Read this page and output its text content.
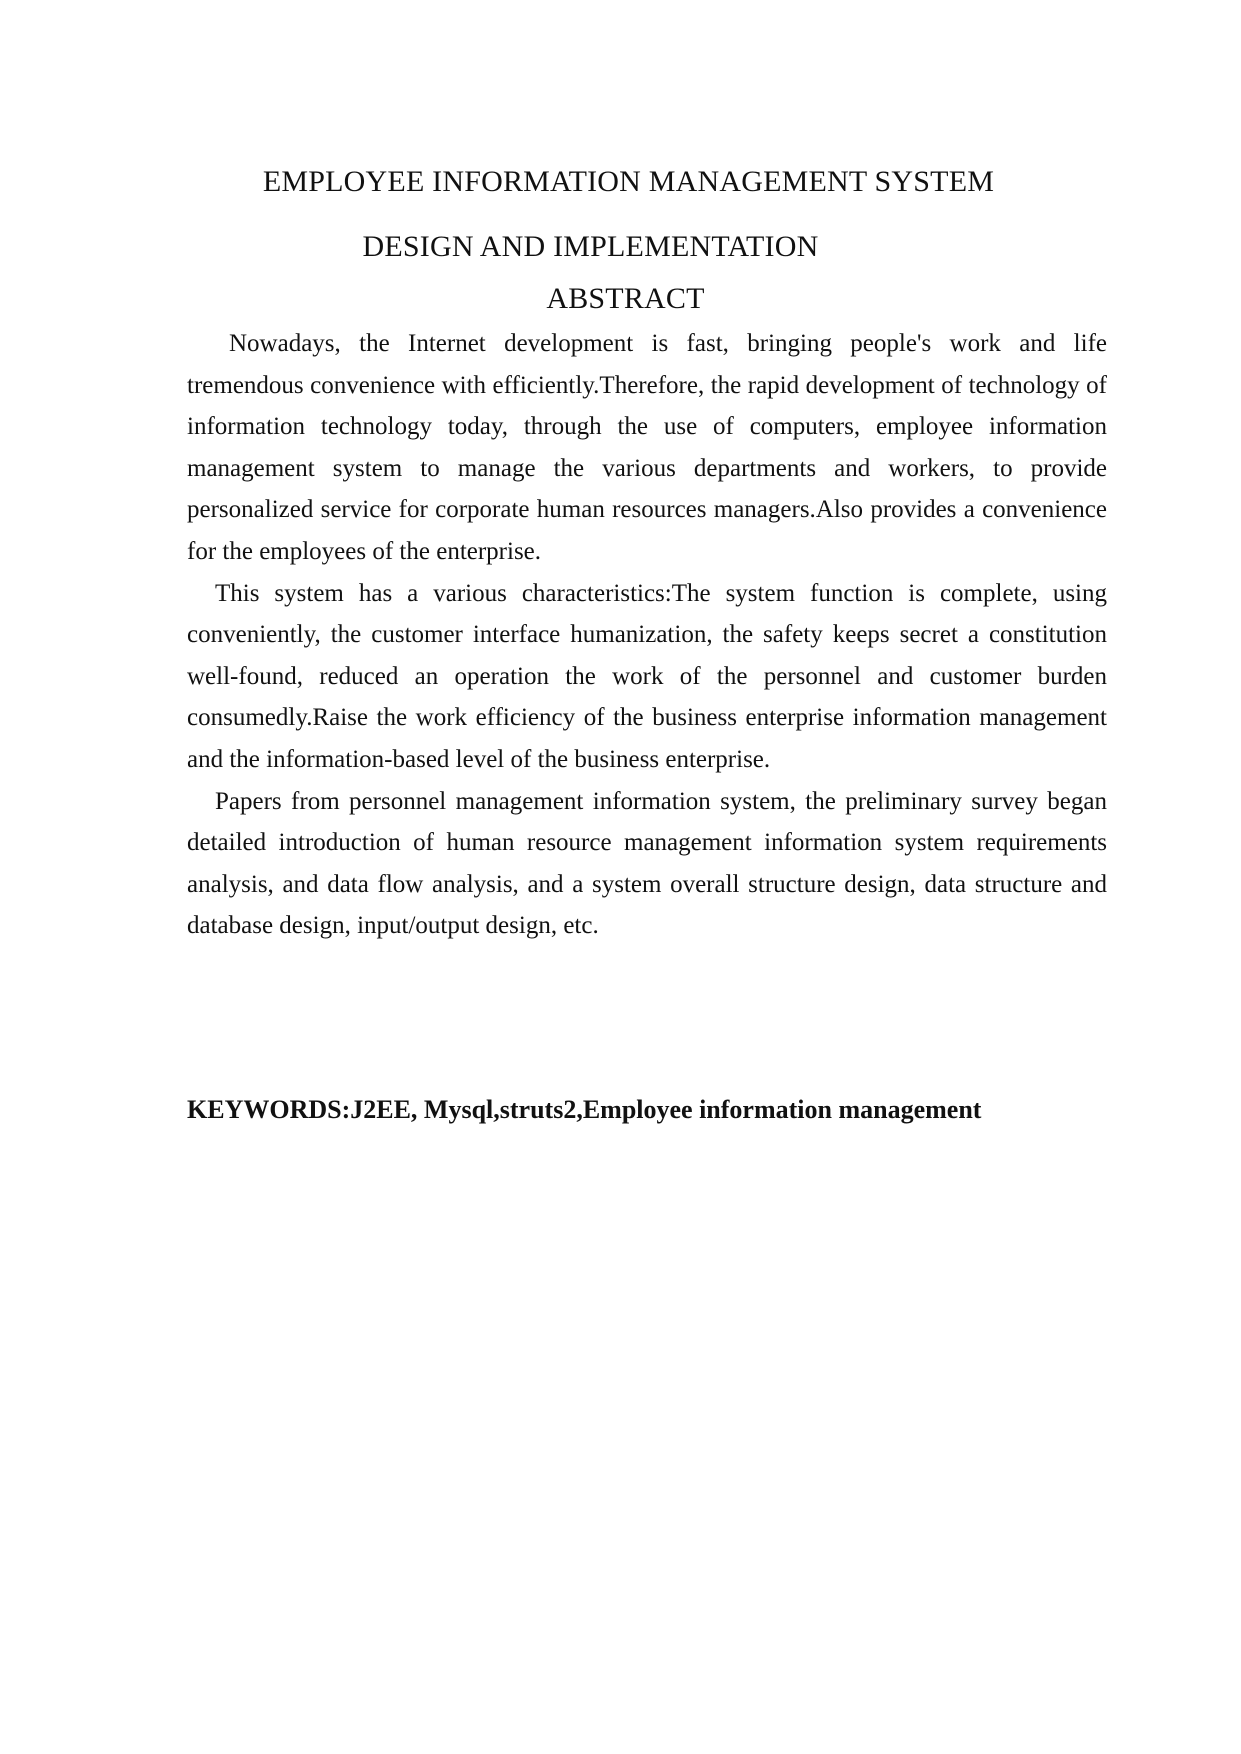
EMPLOYEE INFORMATION MANAGEMENT SYSTEM
DESIGN AND IMPLEMENTATION
ABSTRACT

Nowadays, the Internet development is fast, bringing people's work and life tremendous convenience with efficiently.Therefore, the rapid development of technology of information technology today, through the use of computers, employee information management system to manage the various departments and workers, to provide personalized service for corporate human resources managers.Also provides a convenience for the employees of the enterprise.

This system has a various characteristics:The system function is complete, using conveniently, the customer interface humanization, the safety keeps secret a constitution well-found, reduced an operation the work of the personnel and customer burden consumedly.Raise the work efficiency of the business enterprise information management and the information-based level of the business enterprise.

Papers from personnel management information system, the preliminary survey began detailed introduction of human resource management information system requirements analysis, and data flow analysis, and a system overall structure design, data structure and database design, input/output design, etc.

KEYWORDS:J2EE, Mysql,struts2,Employee information management
